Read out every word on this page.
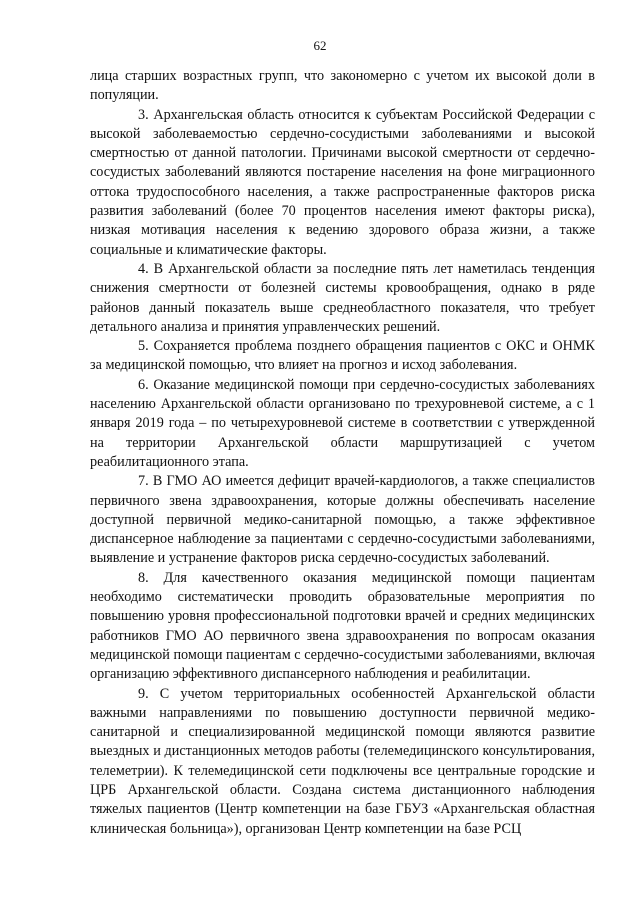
62

лица старших возрастных групп, что закономерно с учетом их высокой доли в популяции.

3. Архангельская область относится к субъектам Российской Федерации с высокой заболеваемостью сердечно-сосудистыми заболеваниями и высокой смертностью от данной патологии. Причинами высокой смертности от сердечно-сосудистых заболеваний являются постарение населения на фоне миграционного оттока трудоспособного населения, а также распространенные факторов риска развития заболеваний (более 70 процентов населения имеют факторы риска), низкая мотивация населения к ведению здорового образа жизни, а также социальные и климатические факторы.

4. В Архангельской области за последние пять лет наметилась тенденция снижения смертности от болезней системы кровообращения, однако в ряде районов данный показатель выше среднеобластного показателя, что требует детального анализа и принятия управленческих решений.

5. Сохраняется проблема позднего обращения пациентов с ОКС и ОНМК за медицинской помощью, что влияет на прогноз и исход заболевания.

6. Оказание медицинской помощи при сердечно-сосудистых заболеваниях населению Архангельской области организовано по трехуровневой системе, а с 1 января 2019 года – по четырехуровневой системе в соответствии с утвержденной на территории Архангельской области маршрутизацией с учетом реабилитационного этапа.

7. В ГМО АО имеется дефицит врачей-кардиологов, а также специалистов первичного звена здравоохранения, которые должны обеспечивать население доступной первичной медико-санитарной помощью, а также эффективное диспансерное наблюдение за пациентами с сердечно-сосудистыми заболеваниями, выявление и устранение факторов риска сердечно-сосудистых заболеваний.

8. Для качественного оказания медицинской помощи пациентам необходимо систематически проводить образовательные мероприятия по повышению уровня профессиональной подготовки врачей и средних медицинских работников ГМО АО первичного звена здравоохранения по вопросам оказания медицинской помощи пациентам с сердечно-сосудистыми заболеваниями, включая организацию эффективного диспансерного наблюдения и реабилитации.

9. С учетом территориальных особенностей Архангельской области важными направлениями по повышению доступности первичной медико-санитарной и специализированной медицинской помощи являются развитие выездных и дистанционных методов работы (телемедицинского консультирования, телеметрии). К телемедицинской сети подключены все центральные городские и ЦРБ Архангельской области. Создана система дистанционного наблюдения тяжелых пациентов (Центр компетенции на базе ГБУЗ «Архангельская областная клиническая больница»), организован Центр компетенции на базе РСЦ
